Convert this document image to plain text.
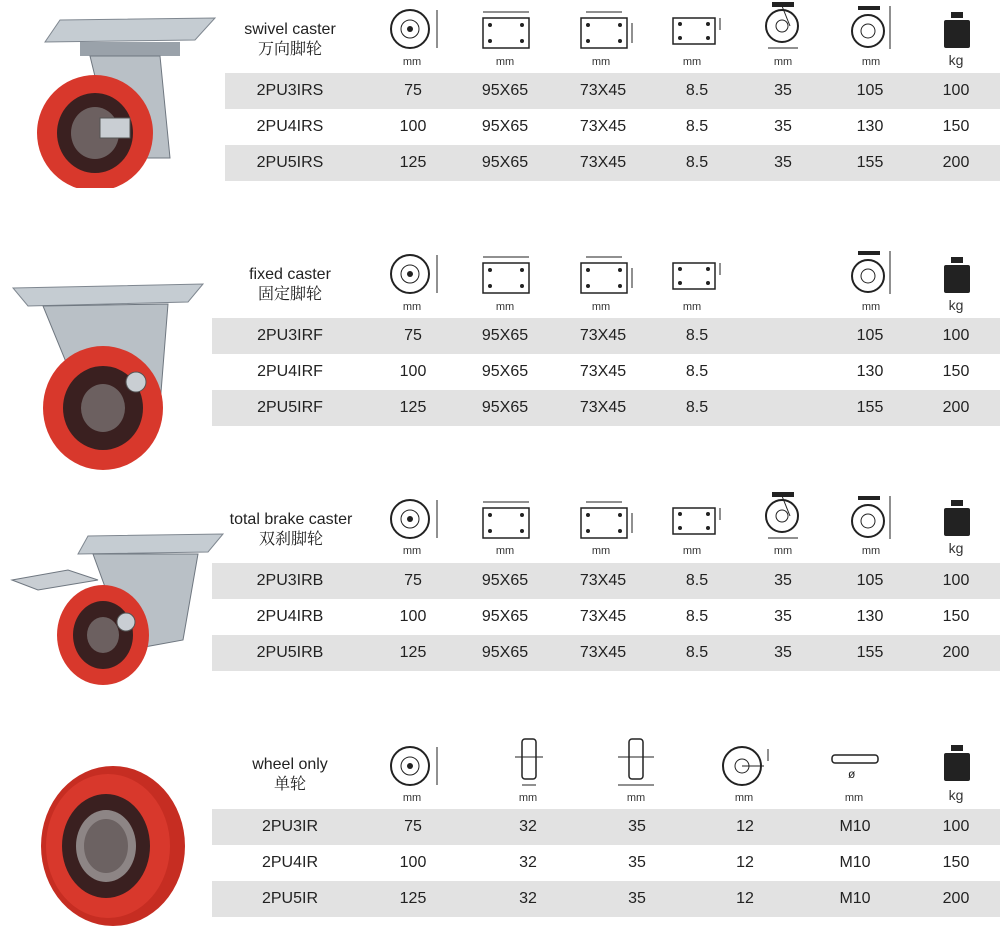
swivel caster
万向脚轮
mm	mm	mm	mm	mm	mm	kg
2PU3IRS	75	95X65	73X45	8.5	35	105	100
2PU4IRS	100	95X65	73X45	8.5	35	130	150
2PU5IRS	125	95X65	73X45	8.5	35	155	200
fixed caster
固定脚轮
mm	mm	mm	mm	mm	kg
2PU3IRF	75	95X65	73X45	8.5	105	100
2PU4IRF	100	95X65	73X45	8.5	130	150
2PU5IRF	125	95X65	73X45	8.5	155	200
total brake caster
双刹脚轮
mm	mm	mm	mm	mm	mm	kg
2PU3IRB	75	95X65	73X45	8.5	35	105	100
2PU4IRB	100	95X65	73X45	8.5	35	130	150
2PU5IRB	125	95X65	73X45	8.5	35	155	200
wheel only
单轮
ø
mm	mm	mm	mm	mm	kg
2PU3IR	75	32	35	12	M10	100
2PU4IR	100	32	35	12	M10	150
2PU5IR	125	32	35	12	M10	200
